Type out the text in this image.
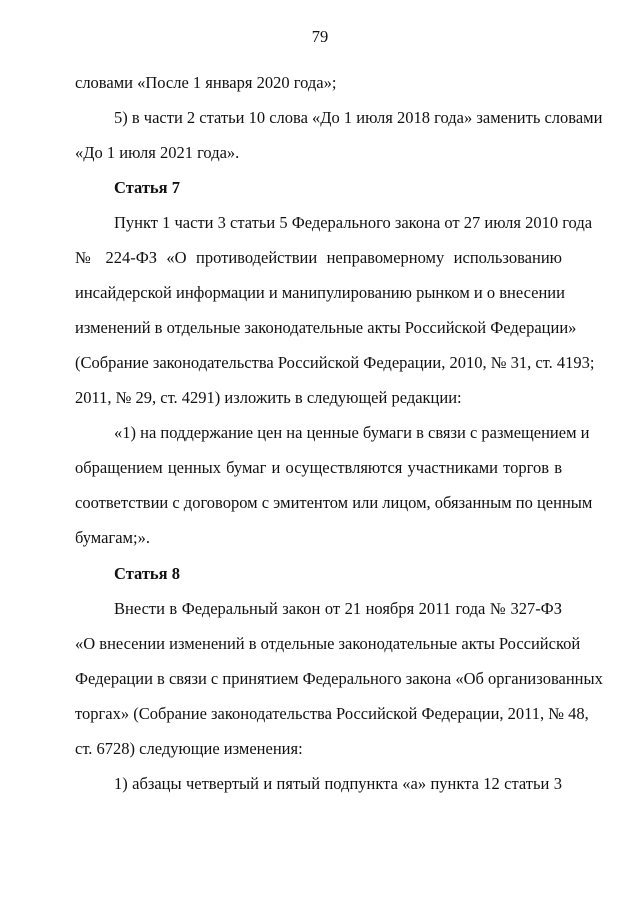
79

словами «После 1 января 2020 года»;

5) в части 2 статьи 10 слова «До 1 июля 2018 года» заменить словами

«До 1 июля 2021 года».

Статья 7

Пункт 1 части 3 статьи 5 Федерального закона от 27 июля 2010 года

№ 224-ФЗ «О противодействии неправомерному использованию

инсайдерской информации и манипулированию рынком и о внесении

изменений в отдельные законодательные акты Российской Федерации»

(Собрание законодательства Российской Федерации, 2010, № 31, ст. 4193;

2011, № 29, ст. 4291) изложить в следующей редакции:

«1) на поддержание цен на ценные бумаги в связи с размещением и

обращением ценных бумаг и осуществляются участниками торгов в

соответствии с договором с эмитентом или лицом, обязанным по ценным

бумагам;».

Статья 8

Внести в Федеральный закон от 21 ноября 2011 года № 327-ФЗ

«О внесении изменений в отдельные законодательные акты Российской

Федерации в связи с принятием Федерального закона «Об организованных

торгах» (Собрание законодательства Российской Федерации, 2011, № 48,

ст. 6728) следующие изменения:

1) абзацы четвертый и пятый подпункта «а» пункта 12 статьи 3
